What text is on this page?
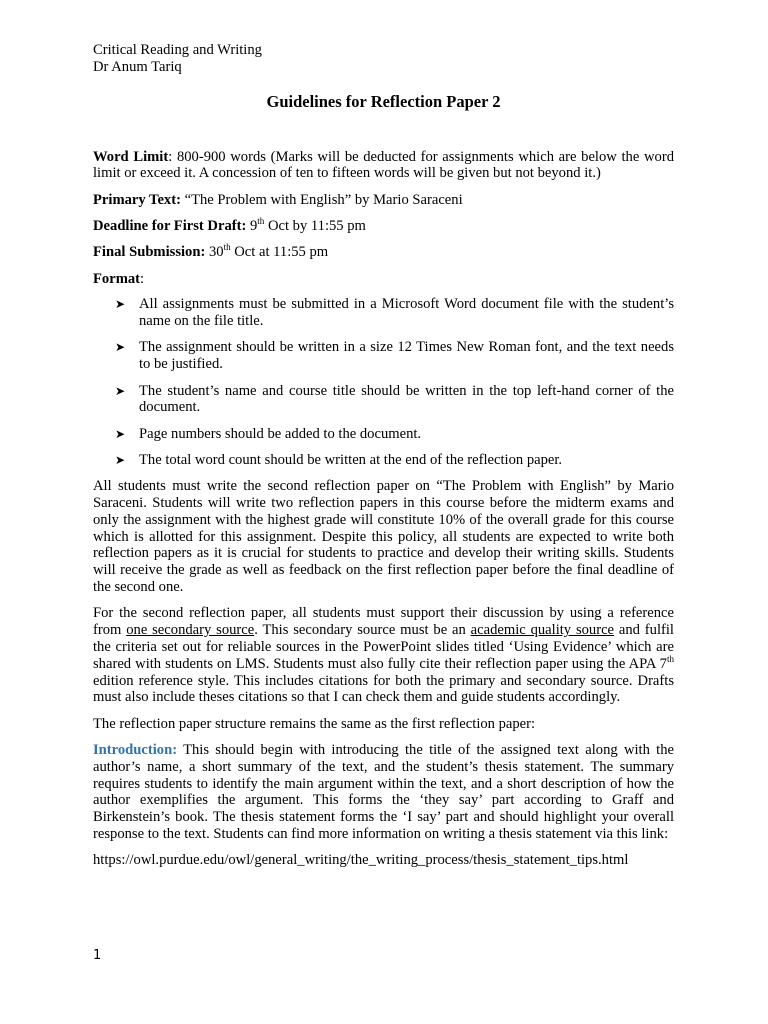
Critical Reading and Writing

Dr Anum Tariq

Guidelines for Reflection Paper 2

Word Limit: 800-900 words (Marks will be deducted for assignments which are below the word limit or exceed it. A concession of ten to fifteen words will be given but not beyond it.)

Primary Text: “The Problem with English” by Mario Saraceni

Deadline for First Draft: 9th Oct by 11:55 pm

Final Submission: 30th Oct at 11:55 pm

Format:

➤ All assignments must be submitted in a Microsoft Word document file with the student’s name on the file title.
➤ The assignment should be written in a size 12 Times New Roman font, and the text needs to be justified.
➤ The student’s name and course title should be written in the top left-hand corner of the document.
➤ Page numbers should be added to the document.
➤ The total word count should be written at the end of the reflection paper.

All students must write the second reflection paper on “The Problem with English” by Mario Saraceni. Students will write two reflection papers in this course before the midterm exams and only the assignment with the highest grade will constitute 10% of the overall grade for this course which is allotted for this assignment. Despite this policy, all students are expected to write both reflection papers as it is crucial for students to practice and develop their writing skills. Students will receive the grade as well as feedback on the first reflection paper before the final deadline of the second one.

For the second reflection paper, all students must support their discussion by using a reference from one secondary source. This secondary source must be an academic quality source and fulfil the criteria set out for reliable sources in the PowerPoint slides titled ‘Using Evidence’ which are shared with students on LMS. Students must also fully cite their reflection paper using the APA 7th edition reference style. This includes citations for both the primary and secondary source. Drafts must also include theses citations so that I can check them and guide students accordingly.

The reflection paper structure remains the same as the first reflection paper:

Introduction: This should begin with introducing the title of the assigned text along with the author’s name, a short summary of the text, and the student’s thesis statement. The summary requires students to identify the main argument within the text, and a short description of how the author exemplifies the argument. This forms the ‘they say’ part according to Graff and Birkenstein’s book. The thesis statement forms the ‘I say’ part and should highlight your overall response to the text. Students can find more information on writing a thesis statement via this link:

https://owl.purdue.edu/owl/general_writing/the_writing_process/thesis_statement_tips.html

1
